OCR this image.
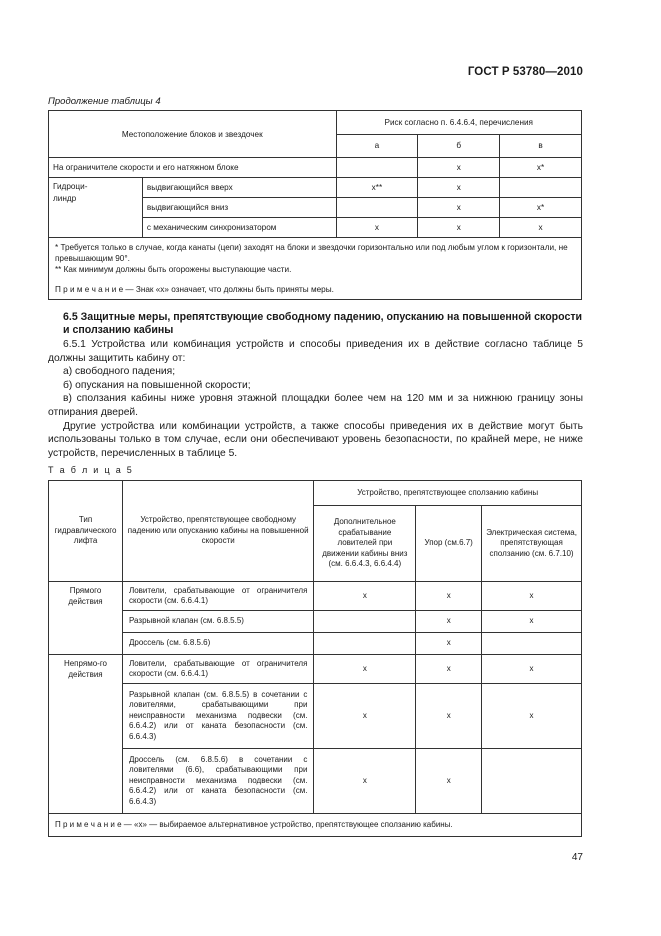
ГОСТ Р 53780—2010
Продолжение таблицы 4
Местоположение блоков и звездочек		Риск согласно п. 6.4.6.4, перечисления		
		а	б	в
На ограничителе скорости и его натяжном блоке			x	x*
Гидроци-
линдр	выдвигающийся вверх	x**	x	
	выдвигающийся вниз		x	x*
	с механическим синхронизатором	x	x	x

* Требуется только в случае, когда канаты (цепи) заходят на блоки и звездочки горизонтально или под любым углом к горизонтали, не превышающим 90°.
** Как минимум должны быть огорожены выступающие части.
П р и м е ч а н и е — Знак «x» означает, что должны быть приняты меры.				
6.5 Защитные меры, препятствующие свободному падению, опусканию на повышенной скорости и сползанию кабины

6.5.1 Устройства или комбинация устройств и способы приведения их в действие согласно таблице 5 должны защитить кабину от:

а) свободного падения;

б) опускания на повышенной скорости;

в) сползания кабины ниже уровня этажной площадки более чем на 120 мм и за нижнюю границу зоны отпирания дверей.

Другие устройства или комбинации устройств, а также способы приведения их в действие могут быть использованы только в том случае, если они обеспечивают уровень безопасности, по крайней мере, не ниже устройств, перечисленных в таблице 5.

Т а б л и ц а 5
Тип гидравлического лифта	Устройство, препятствующее свободному падению или опусканию кабины на повышенной скорости	Устройство, препятствующее сползанию кабины		
		Дополнительное срабатывание ловителей при движении кабины вниз (см. 6.6.4.3, 6.6.4.4)	Упор (см.6.7)	Электрическая система, препятствующая сползанию (см. 6.7.10)
Прямого действия	Ловители, срабатывающие от ограничителя скорости (см. 6.6.4.1)	x	x	x
	Разрывной клапан (см. 6.8.5.5)		x	x
	Дроссель (см. 6.8.5.6)		x	
Непрямо-го действия	Ловители, срабатывающие от ограничителя скорости (см. 6.6.4.1)	x	x	x
	Разрывной клапан (см. 6.8.5.5) в сочетании с ловителями, срабатывающими при неисправности механизма подвески (см. 6.6.4.2) или от каната безопасности (см. 6.6.4.3)	x	x	x
	Дроссель (см. 6.8.5.6) в сочетании с ловителями (6.6), срабатывающими при неисправности механизма подвески (см. 6.6.4.2) или от каната безопасности (см. 6.6.4.3)	x	x	
П р и м е ч а н и е — «x» — выбираемое альтернативное устройство, препятствующее сползанию кабины.				
47
